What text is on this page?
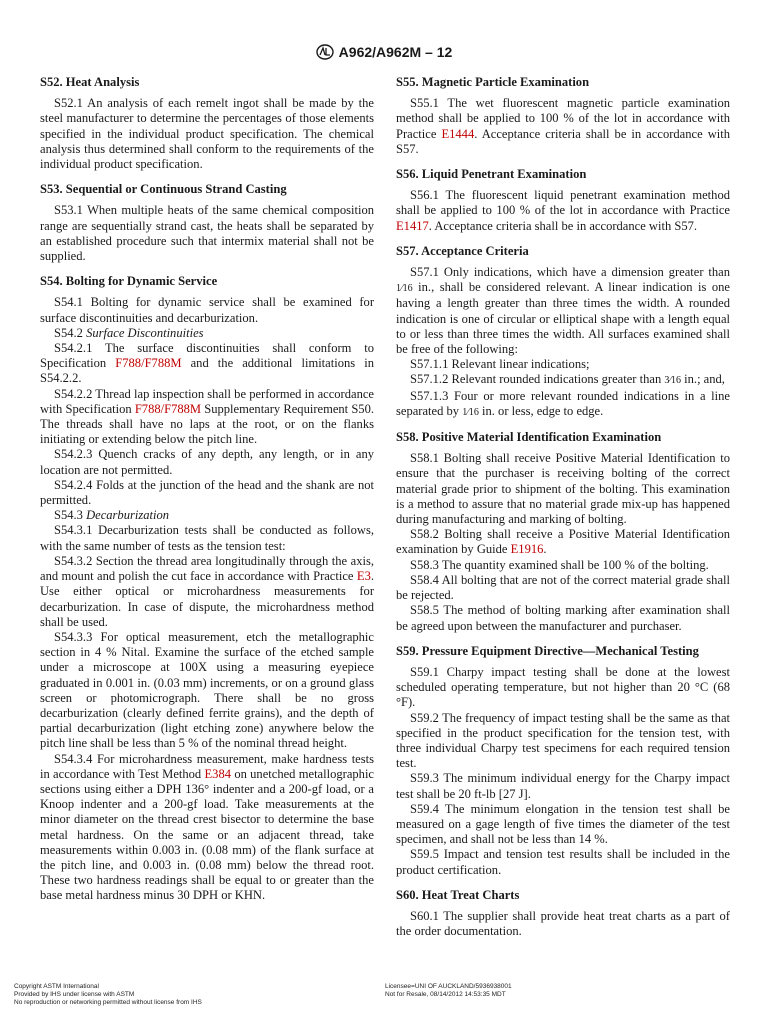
A962/A962M – 12
S52. Heat Analysis

S52.1 An analysis of each remelt ingot shall be made by the steel manufacturer to determine the percentages of those elements specified in the individual product specification. The chemical analysis thus determined shall conform to the requirements of the individual product specification.

S53. Sequential or Continuous Strand Casting

S53.1 When multiple heats of the same chemical composition range are sequentially strand cast, the heats shall be separated by an established procedure such that intermix material shall not be supplied.

S54. Bolting for Dynamic Service

S54.1 Bolting for dynamic service shall be examined for surface discontinuities and decarburization.

S54.2 Surface Discontinuities

S54.2.1 The surface discontinuities shall conform to Specification F788/F788M and the additional limitations in S54.2.2.

S54.2.2 Thread lap inspection shall be performed in accordance with Specification F788/F788M Supplementary Requirement S50. The threads shall have no laps at the root, or on the flanks initiating or extending below the pitch line.

S54.2.3 Quench cracks of any depth, any length, or in any location are not permitted.

S54.2.4 Folds at the junction of the head and the shank are not permitted.

S54.3 Decarburization

S54.3.1 Decarburization tests shall be conducted as follows, with the same number of tests as the tension test:

S54.3.2 Section the thread area longitudinally through the axis, and mount and polish the cut face in accordance with Practice E3. Use either optical or microhardness measurements for decarburization. In case of dispute, the microhardness method shall be used.

S54.3.3 For optical measurement, etch the metallographic section in 4 % Nital. Examine the surface of the etched sample under a microscope at 100X using a measuring eyepiece graduated in 0.001 in. (0.03 mm) increments, or on a ground glass screen or photomicrograph. There shall be no gross decarburization (clearly defined ferrite grains), and the depth of partial decarburization (light etching zone) anywhere below the pitch line shall be less than 5 % of the nominal thread height.

S54.3.4 For microhardness measurement, make hardness tests in accordance with Test Method E384 on unetched metallographic sections using either a DPH 136° indenter and a 200-gf load, or a Knoop indenter and a 200-gf load. Take measurements at the minor diameter on the thread crest bisector to determine the base metal hardness. On the same or an adjacent thread, take measurements within 0.003 in. (0.08 mm) of the flank surface at the pitch line, and 0.003 in. (0.08 mm) below the thread root. These two hardness readings shall be equal to or greater than the base metal hardness minus 30 DPH or KHN.

S55. Magnetic Particle Examination

S55.1 The wet fluorescent magnetic particle examination method shall be applied to 100 % of the lot in accordance with Practice E1444. Acceptance criteria shall be in accordance with S57.

S56. Liquid Penetrant Examination

S56.1 The fluorescent liquid penetrant examination method shall be applied to 100 % of the lot in accordance with Practice E1417. Acceptance criteria shall be in accordance with S57.

S57. Acceptance Criteria

S57.1 Only indications, which have a dimension greater than 1⁄16 in., shall be considered relevant. A linear indication is one having a length greater than three times the width. A rounded indication is one of circular or elliptical shape with a length equal to or less than three times the width. All surfaces examined shall be free of the following:

S57.1.1 Relevant linear indications;

S57.1.2 Relevant rounded indications greater than 3⁄16 in.; and,

S57.1.3 Four or more relevant rounded indications in a line separated by 1⁄16 in. or less, edge to edge.

S58. Positive Material Identification Examination

S58.1 Bolting shall receive Positive Material Identification to ensure that the purchaser is receiving bolting of the correct material grade prior to shipment of the bolting. This examination is a method to assure that no material grade mix-up has happened during manufacturing and marking of bolting.

S58.2 Bolting shall receive a Positive Material Identification examination by Guide E1916.

S58.3 The quantity examined shall be 100 % of the bolting.

S58.4 All bolting that are not of the correct material grade shall be rejected.

S58.5 The method of bolting marking after examination shall be agreed upon between the manufacturer and purchaser.

S59. Pressure Equipment Directive—Mechanical Testing

S59.1 Charpy impact testing shall be done at the lowest scheduled operating temperature, but not higher than 20 °C (68 °F).

S59.2 The frequency of impact testing shall be the same as that specified in the product specification for the tension test, with three individual Charpy test specimens for each required tension test.

S59.3 The minimum individual energy for the Charpy impact test shall be 20 ft-lb [27 J].

S59.4 The minimum elongation in the tension test shall be measured on a gage length of five times the diameter of the test specimen, and shall not be less than 14 %.

S59.5 Impact and tension test results shall be included in the product certification.

S60. Heat Treat Charts

S60.1 The supplier shall provide heat treat charts as a part of the order documentation.

Copyright ASTM International
Provided by IHS under license with ASTM
No reproduction or networking permitted without license from IHS
Licensee=UNI OF AUCKLAND/5936938001
Not for Resale, 08/14/2012 14:53:35 MDT
